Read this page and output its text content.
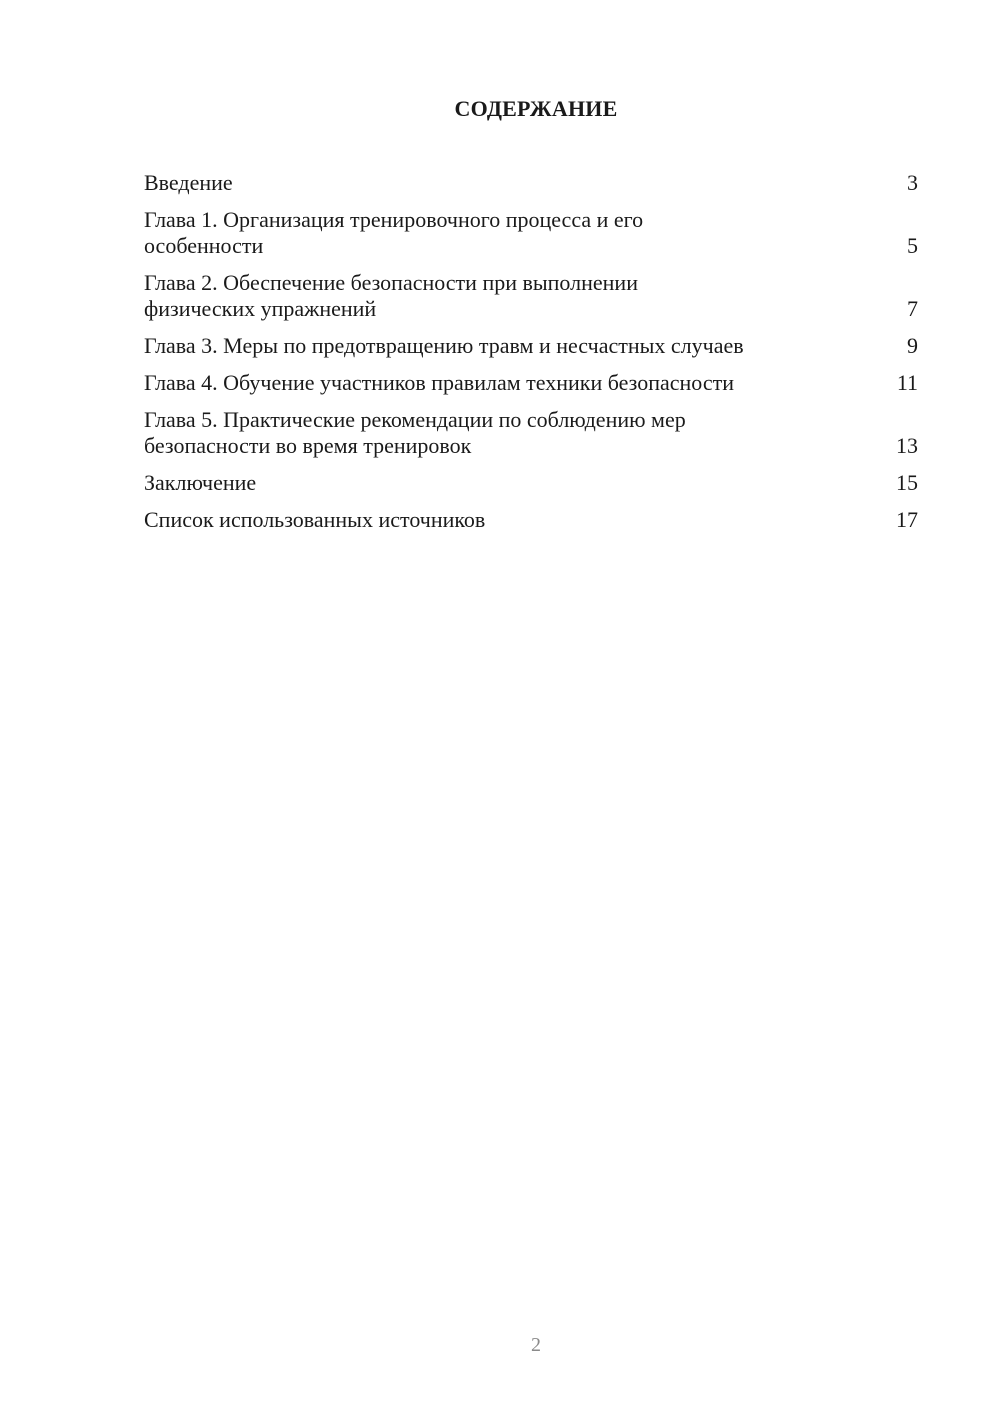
СОДЕРЖАНИЕ
Введение	3
Глава 1. Организация тренировочного процесса и его особенности	5
Глава 2. Обеспечение безопасности при выполнении физических упражнений	7
Глава 3. Меры по предотвращению травм и несчастных случаев	9
Глава 4. Обучение участников правилам техники безопасности	11
Глава 5. Практические рекомендации по соблюдению мер безопасности во время тренировок	13
Заключение	15
Список использованных источников	17

2
